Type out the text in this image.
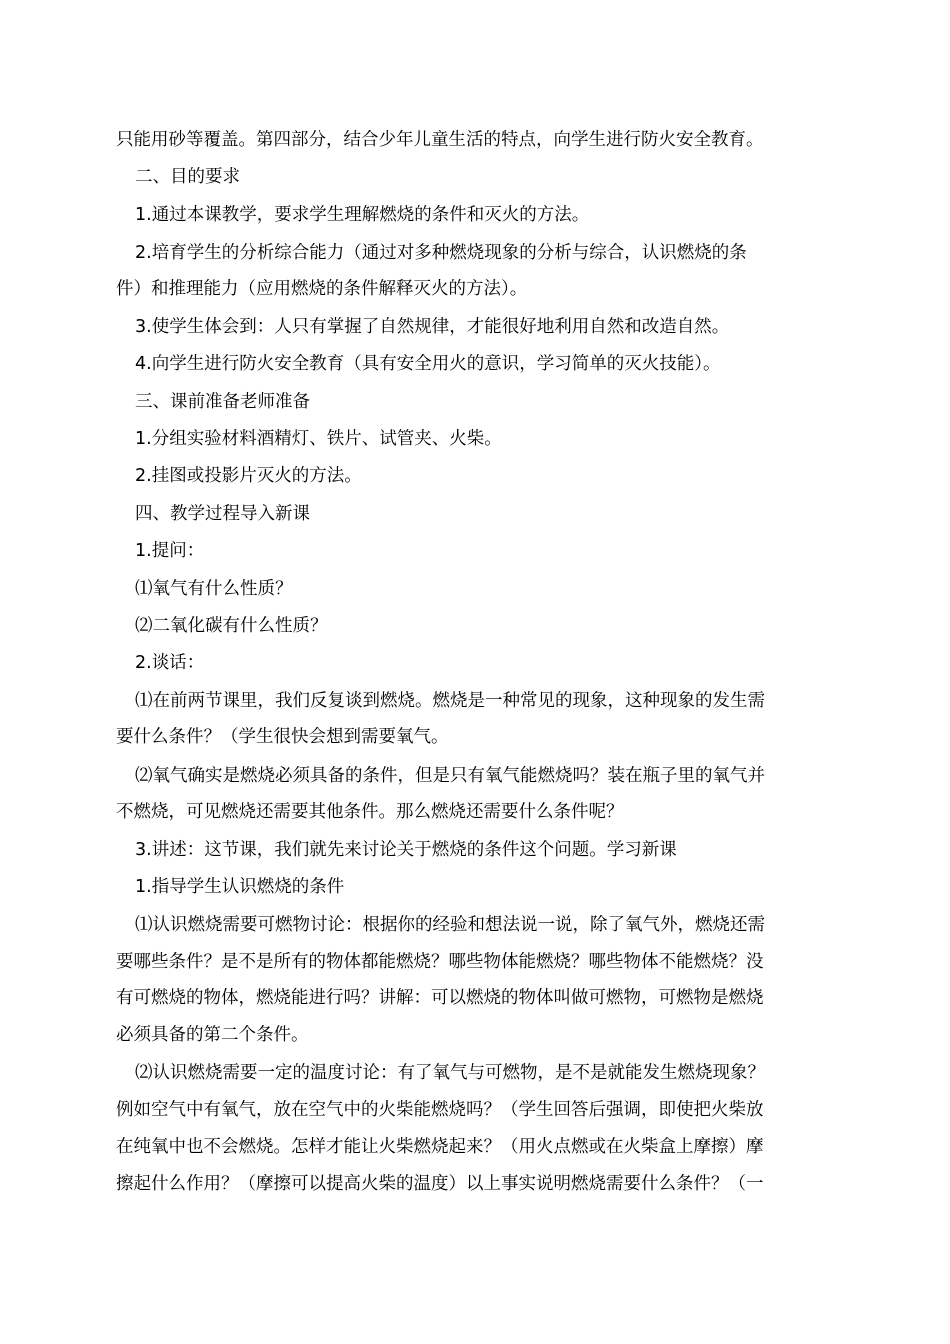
只能用砂等覆盖。第四部分，结合少年儿童生活的特点，向学生进行防火安全教育。
二、目的要求
1.通过本课教学，要求学生理解燃烧的条件和灭火的方法。
2.培育学生的分析综合能力（通过对多种燃烧现象的分析与综合，认识燃烧的条
件）和推理能力（应用燃烧的条件解释灭火的方法）。
3.使学生体会到：人只有掌握了自然规律，才能很好地利用自然和改造自然。
4.向学生进行防火安全教育（具有安全用火的意识，学习简单的灭火技能）。
三、课前准备老师准备
1.分组实验材料酒精灯、铁片、试管夹、火柴。
2.挂图或投影片灭火的方法。
四、教学过程导入新课
1.提问：
⑴氧气有什么性质？
⑵二氧化碳有什么性质？
2.谈话：
⑴在前两节课里，我们反复谈到燃烧。燃烧是一种常见的现象，这种现象的发生需
要什么条件？（学生很快会想到需要氧气。
⑵氧气确实是燃烧必须具备的条件，但是只有氧气能燃烧吗？装在瓶子里的氧气并
不燃烧，可见燃烧还需要其他条件。那么燃烧还需要什么条件呢？
3.讲述：这节课，我们就先来讨论关于燃烧的条件这个问题。学习新课
1.指导学生认识燃烧的条件
⑴认识燃烧需要可燃物讨论：根据你的经验和想法说一说，除了氧气外，燃烧还需
要哪些条件？是不是所有的物体都能燃烧？哪些物体能燃烧？哪些物体不能燃烧？没
有可燃烧的物体，燃烧能进行吗？讲解：可以燃烧的物体叫做可燃物，可燃物是燃烧
必须具备的第二个条件。
⑵认识燃烧需要一定的温度讨论：有了氧气与可燃物，是不是就能发生燃烧现象？
例如空气中有氧气，放在空气中的火柴能燃烧吗？（学生回答后强调，即使把火柴放
在纯氧中也不会燃烧。怎样才能让火柴燃烧起来？（用火点燃或在火柴盒上摩擦）摩
擦起什么作用？（摩擦可以提高火柴的温度）以上事实说明燃烧需要什么条件？（一
